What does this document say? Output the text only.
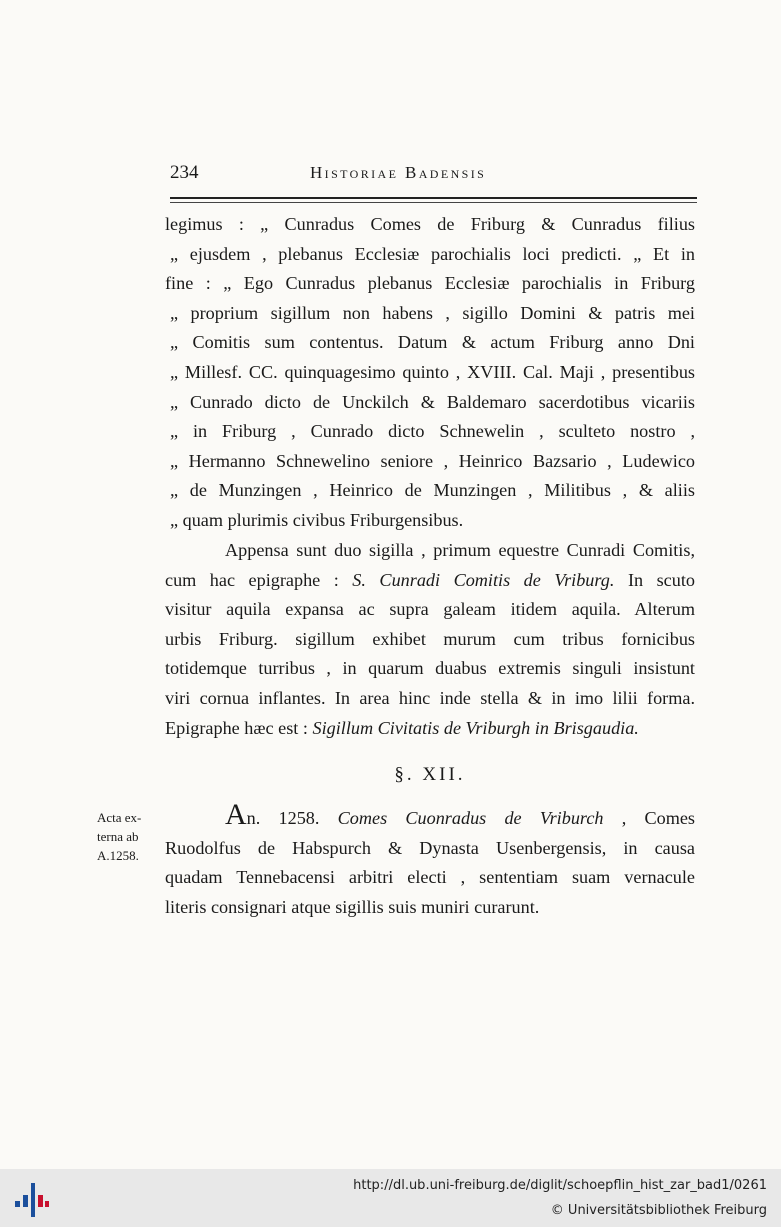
234	Historiae Badensis
legimus : „ Cunradus Comes de Friburg & Cunradus filius
„ ejusdem , plebanus Ecclesiæ parochialis loci predicti. „ Et in
fine : „ Ego Cunradus plebanus Ecclesiæ parochialis in Friburg
„ proprium sigillum non habens , sigillo Domini & patris mei
„ Comitis sum contentus. Datum & actum Friburg anno Dni
„ Millesf. CC. quinquagesimo quinto , XVIII. Cal. Maji , presentibus
„ Cunrado dicto de Unckilch & Baldemaro sacerdotibus vicariis
„ in Friburg , Cunrado dicto Schnewelin , sculteto nostro ,
„ Hermanno Schnewelino seniore , Heinrico Bazsario , Ludewico
„ de Munzingen , Heinrico de Munzingen , Militibus , & aliis
„ quam plurimis civibus Friburgensibus.
Appensa sunt duo sigilla , primum equestre Cunradi Comitis,
cum hac epigraphe : S. Cunradi Comitis de Vriburg. In scuto
visitur aquila expansa ac supra galeam itidem aquila. Alterum
urbis Friburg. sigillum exhibet murum cum tribus fornicibus
totidemque turribus , in quarum duabus extremis singuli insistunt
viri cornua inflantes. In area hinc inde stella & in imo lilii forma.
Epigraphe hæc est : Sigillum Civitatis de Vriburgh in Brisgaudia.
§. XII.
Acta ex-
terna ab
A.1258.
An. 1258. Comes Cuonradus de Vriburch , Comes
Ruodolfus de Habspurch & Dynasta Usenbergensis, in causa
quadam Tennebacensi arbitri electi , sententiam suam vernacule
literis consignari atque sigillis suis muniri curarunt.
http://dl.ub.uni-freiburg.de/diglit/schoepflin_hist_zar_bad1/0261
© Universitätsbibliothek Freiburg
